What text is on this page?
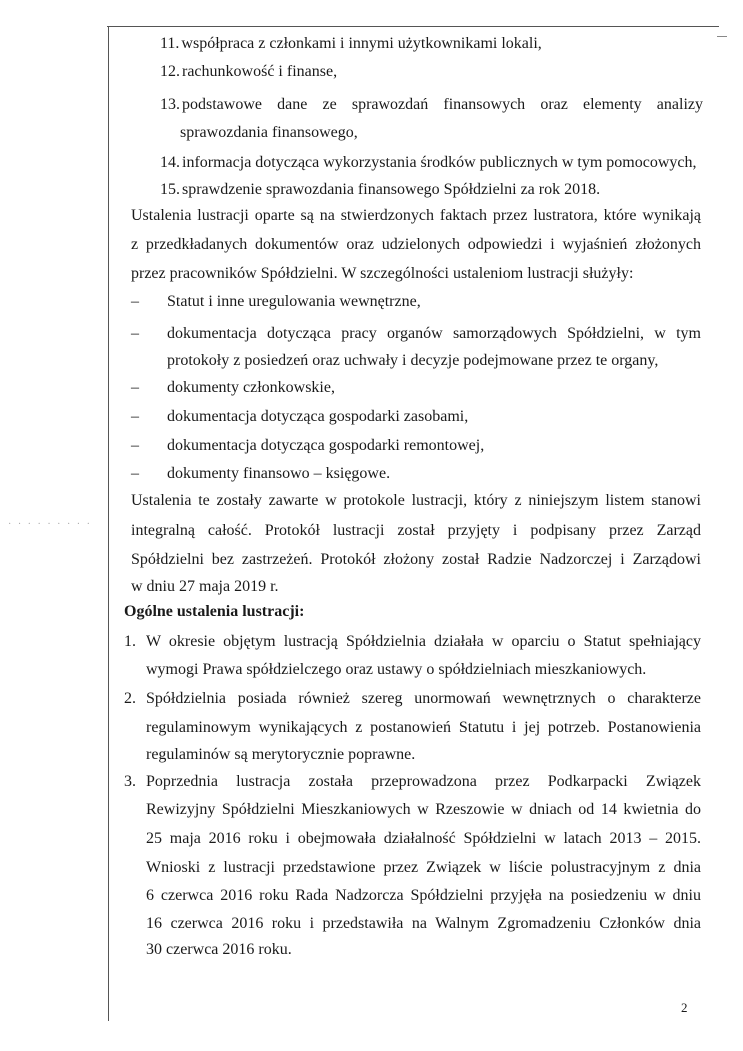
· · · · · · · · ·
11. współpraca z członkami i innymi użytkownikami lokali,
12. rachunkowość i finanse,
13. podstawowe dane ze sprawozdań finansowych oraz elementy analizy
sprawozdania finansowego,
14. informacja dotycząca wykorzystania środków publicznych w tym pomocowych,
15. sprawdzenie sprawozdania finansowego Spółdzielni za rok 2018.
Ustalenia lustracji oparte są na stwierdzonych faktach przez lustratora, które wynikają
z przedkładanych dokumentów oraz udzielonych odpowiedzi i wyjaśnień złożonych
przez pracowników Spółdzielni. W szczególności ustaleniom lustracji służyły:
– Statut i inne uregulowania wewnętrzne,
– dokumentacja dotycząca pracy organów samorządowych Spółdzielni, w tym
protokoły z posiedzeń oraz uchwały i decyzje podejmowane przez te organy,
– dokumenty członkowskie,
– dokumentacja dotycząca gospodarki zasobami,
– dokumentacja dotycząca gospodarki remontowej,
– dokumenty finansowo – księgowe.
Ustalenia te zostały zawarte w protokole lustracji, który z niniejszym listem stanowi
integralną całość. Protokół lustracji został przyjęty i podpisany przez Zarząd
Spółdzielni bez zastrzeżeń. Protokół złożony został Radzie Nadzorczej i Zarządowi
w dniu 27 maja 2019 r.
Ogólne ustalenia lustracji:
1. W okresie objętym lustracją Spółdzielnia działała w oparciu o Statut spełniający
wymogi Prawa spółdzielczego oraz ustawy o spółdzielniach mieszkaniowych.
2. Spółdzielnia posiada również szereg unormowań wewnętrznych o charakterze
regulaminowym wynikających z postanowień Statutu i jej potrzeb. Postanowienia
regulaminów są merytorycznie poprawne.
3. Poprzednia lustracja została przeprowadzona przez Podkarpacki Związek
Rewizyjny Spółdzielni Mieszkaniowych w Rzeszowie w dniach od 14 kwietnia do
25 maja 2016 roku i obejmowała działalność Spółdzielni w latach 2013 – 2015.
Wnioski z lustracji przedstawione przez Związek w liście polustracyjnym z dnia
6 czerwca 2016 roku Rada Nadzorcza Spółdzielni przyjęła na posiedzeniu w dniu
16 czerwca 2016 roku i przedstawiła na Walnym Zgromadzeniu Członków dnia
30 czerwca 2016 roku.
2
